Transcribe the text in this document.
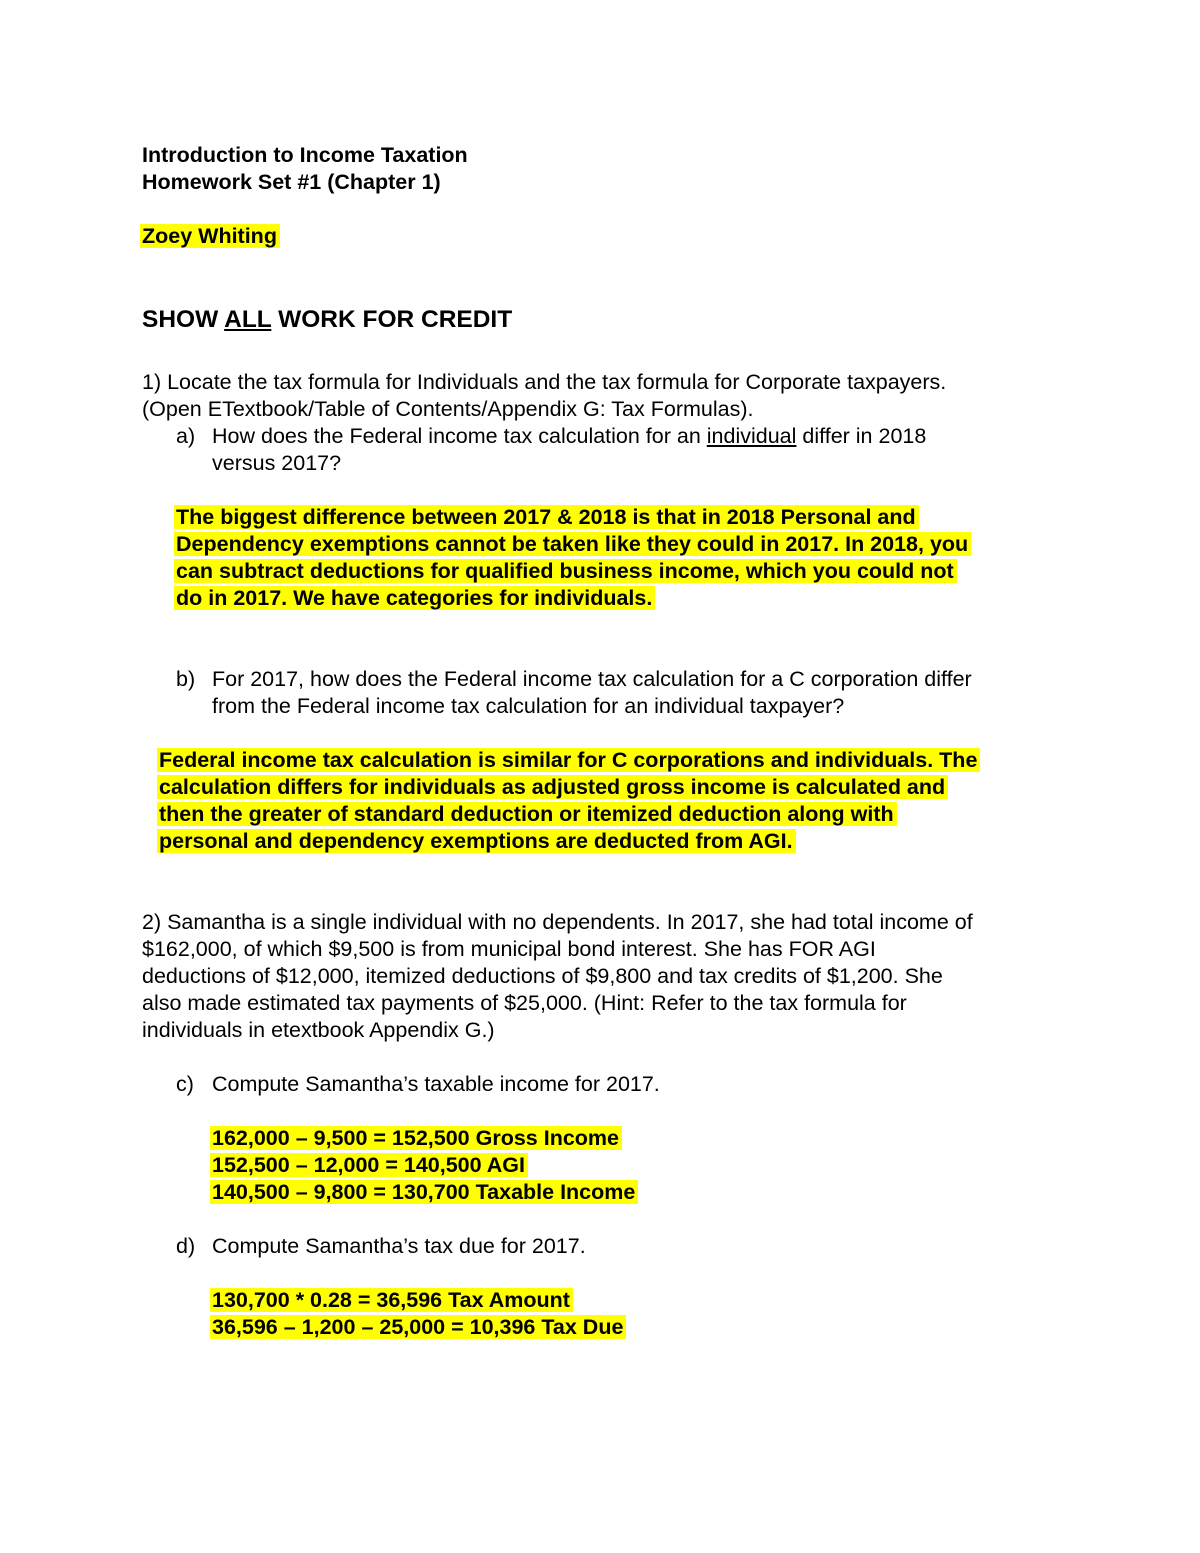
Introduction to Income Taxation
Homework Set #1 (Chapter 1)
Zoey Whiting
SHOW ALL WORK FOR CREDIT
1) Locate the tax formula for Individuals and the tax formula for Corporate taxpayers.
(Open ETextbook/Table of Contents/Appendix G: Tax Formulas).
a) How does the Federal income tax calculation for an individual differ in 2018
versus 2017?
The biggest difference between 2017 & 2018 is that in 2018 Personal and
Dependency exemptions cannot be taken like they could in 2017. In 2018, you
can subtract deductions for qualified business income, which you could not
do in 2017. We have categories for individuals.
b) For 2017, how does the Federal income tax calculation for a C corporation differ
from the Federal income tax calculation for an individual taxpayer?
Federal income tax calculation is similar for C corporations and individuals. The
calculation differs for individuals as adjusted gross income is calculated and
then the greater of standard deduction or itemized deduction along with
personal and dependency exemptions are deducted from AGI.
2) Samantha is a single individual with no dependents. In 2017, she had total income of
$162,000, of which $9,500 is from municipal bond interest. She has FOR AGI
deductions of $12,000, itemized deductions of $9,800 and tax credits of $1,200. She
also made estimated tax payments of $25,000. (Hint: Refer to the tax formula for
individuals in etextbook Appendix G.)
c) Compute Samantha’s taxable income for 2017.
162,000 – 9,500 = 152,500 Gross Income
152,500 – 12,000 = 140,500 AGI
140,500 – 9,800 = 130,700 Taxable Income
d) Compute Samantha’s tax due for 2017.
130,700 * 0.28 = 36,596 Tax Amount
36,596 – 1,200 – 25,000 = 10,396 Tax Due
